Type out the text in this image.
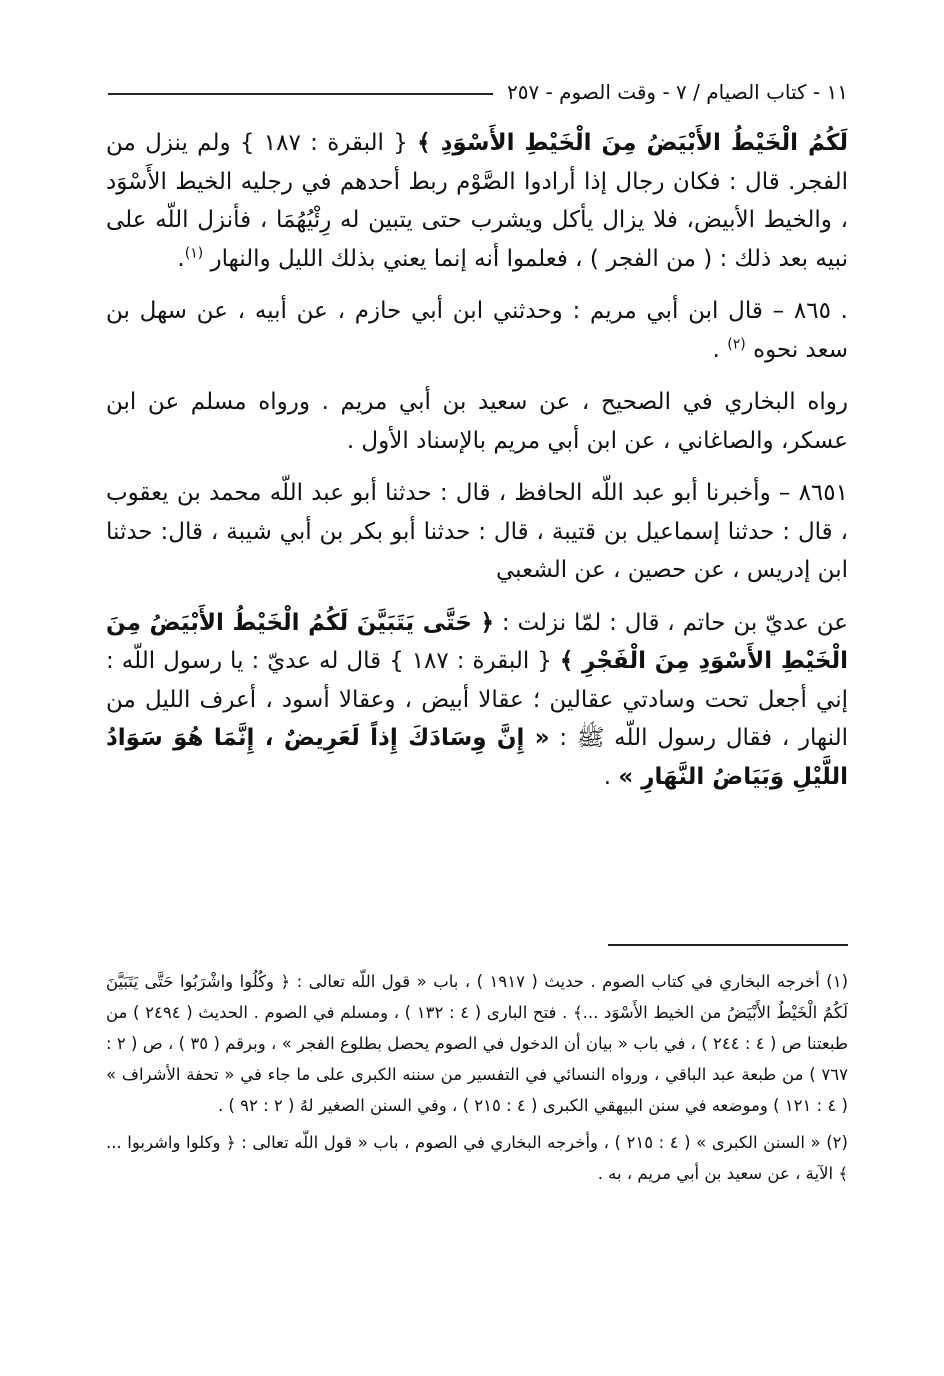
١١ - كتاب الصيام / ٧ - وقت الصوم - ٢٥٧

لَكُمُ الْخَيْطُ الأَبْيَضُ مِنَ الْخَيْطِ الأَسْوَدِ ﴾ { البقرة : ١٨٧ } ولم ينزل من الفجر. قال : فكان رجال إذا أرادوا الصَّوْم ربط أحدهم في رجليه الخيط الأَسْوَد ، والخيط الأبيض، فلا يزال يأكل ويشرب حتى يتبين له رِئْيُهُمَا ، فأنزل اللّه على نبيه بعد ذلك : ( من الفجر ) ، فعلموا أنه إنما يعني بذلك الليل والنهار $^{(١)}$.

. ٨٦٥ – قال ابن أبي مريم : وحدثني ابن أبي حازم ، عن أبيه ، عن سهل بن سعد نحوه $^{(٢)}$ .

رواه البخاري في الصحيح ، عن سعيد بن أبي مريم . ورواه مسلم عن ابن عسكر، والصاغاني ، عن ابن أبي مريم بالإسناد الأول .

٨٦٥١ – وأخبرنا أبو عبد اللّه الحافظ ، قال : حدثنا أبو عبد اللّه محمد بن يعقوب ، قال : حدثنا إسماعيل بن قتيبة ، قال : حدثنا أبو بكر بن أبي شيبة ، قال: حدثنا ابن إدريس ، عن حصين ، عن الشعبي

عن عديّ بن حاتم ، قال : لمّا نزلت : ﴿ حَتَّى يَتَبَيَّنَ لَكُمُ الْخَيْطُ الأَبْيَضُ مِنَ الْخَيْطِ الأَسْوَدِ مِنَ الْفَجْرِ ﴾ { البقرة : ١٨٧ } قال له عديّ : يا رسول اللّه : إني أجعل تحت وسادتي عقالين ؛ عقالا أبيض ، وعقالا أسود ، أعرف الليل من النهار ، فقال رسول اللّه ﷺ : « إِنَّ وِسَادَكَ إِذاً لَعَرِيضٌ ، إِنَّمَا هُوَ سَوَادُ اللَّيْلِ وَبَيَاضُ النَّهَارِ » .

(١) أخرجه البخاري في كتاب الصوم . حديث ( ١٩١٧ ) ، باب « قول اللّه تعالى : ﴿ وكُلُوا واشْرَبُوا حَتَّى يَتَبَيَّنَ لَكُمُ الْخَيْطُ الأَبْيَضُ من الخيط الأَسْوَد ...﴾ . فتح البارى ( ٤ : ١٣٢ ) ، ومسلم في الصوم . الحديث ( ٢٤٩٤ ) من طبعتنا ص ( ٤ : ٢٤٤ ) ، في باب « بيان أن الدخول في الصوم يحصل بطلوع الفجر » ، وبرقم ( ٣٥ ) ، ص ( ٢ : ٧٦٧ ) من طبعة عبد الباقي ، ورواه النسائي في التفسير من سننه الكبرى على ما جاء في « تحفة الأشراف » ( ٤ : ١٢١ ) وموضعه في سنن البيهقي الكبرى ( ٤ : ٢١٥ ) ، وفي السنن الصغير لهُ ( ٢ : ٩٢ ) .

(٢) « السنن الكبرى » ( ٤ : ٢١٥ ) ، وأخرجه البخاري في الصوم ، باب « قول اللّه تعالى : ﴿ وكلوا واشربوا ... ﴾ الآية ، عن سعيد بن أبي مريم ، به .
